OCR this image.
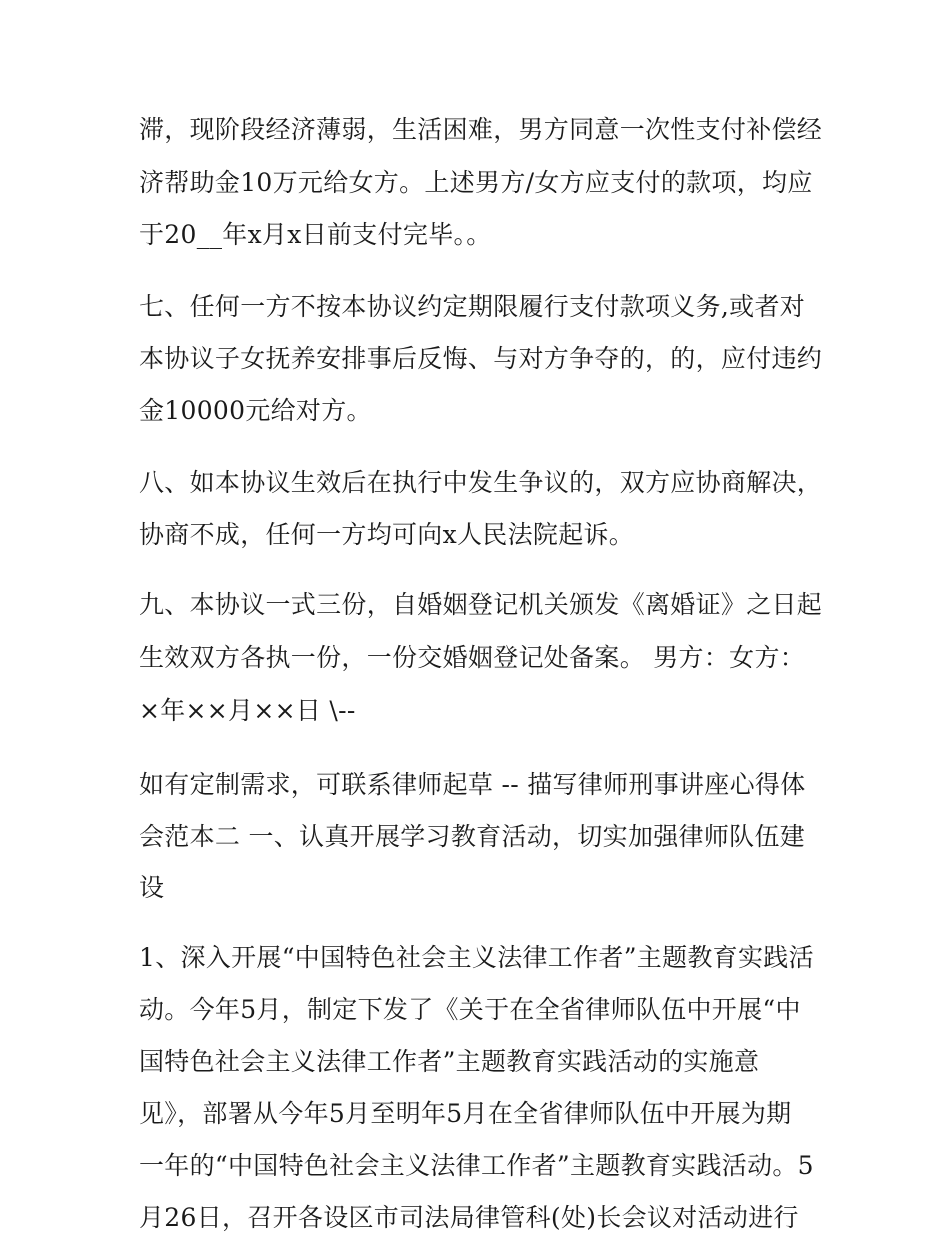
滞，现阶段经济薄弱，生活困难，男方同意一次性支付补偿经
济帮助金10万元给女方。上述男方/女方应支付的款项，均应
于20__年x月x日前支付完毕。。
七、任何一方不按本协议约定期限履行支付款项义务,或者对
本协议子女抚养安排事后反悔、与对方争夺的，的，应付违约
金10000元给对方。
八、如本协议生效后在执行中发生争议的，双方应协商解决，
协商不成，任何一方均可向x人民法院起诉。
九、本协议一式三份，自婚姻登记机关颁发《离婚证》之日起
生效双方各执一份，一份交婚姻登记处备案。 男方：女方：
×年××月××日 \--
如有定制需求，可联系律师起草 -- 描写律师刑事讲座心得体
会范本二 一、认真开展学习教育活动，切实加强律师队伍建
设
1、深入开展“中国特色社会主义法律工作者”主题教育实践活
动。今年5月，制定下发了《关于在全省律师队伍中开展“中
国特色社会主义法律工作者”主题教育实践活动的实施意
见》，部署从今年5月至明年5月在全省律师队伍中开展为期
一年的“中国特色社会主义法律工作者”主题教育实践活动。5
月26日，召开各设区市司法局律管科(处)长会议对活动进行
